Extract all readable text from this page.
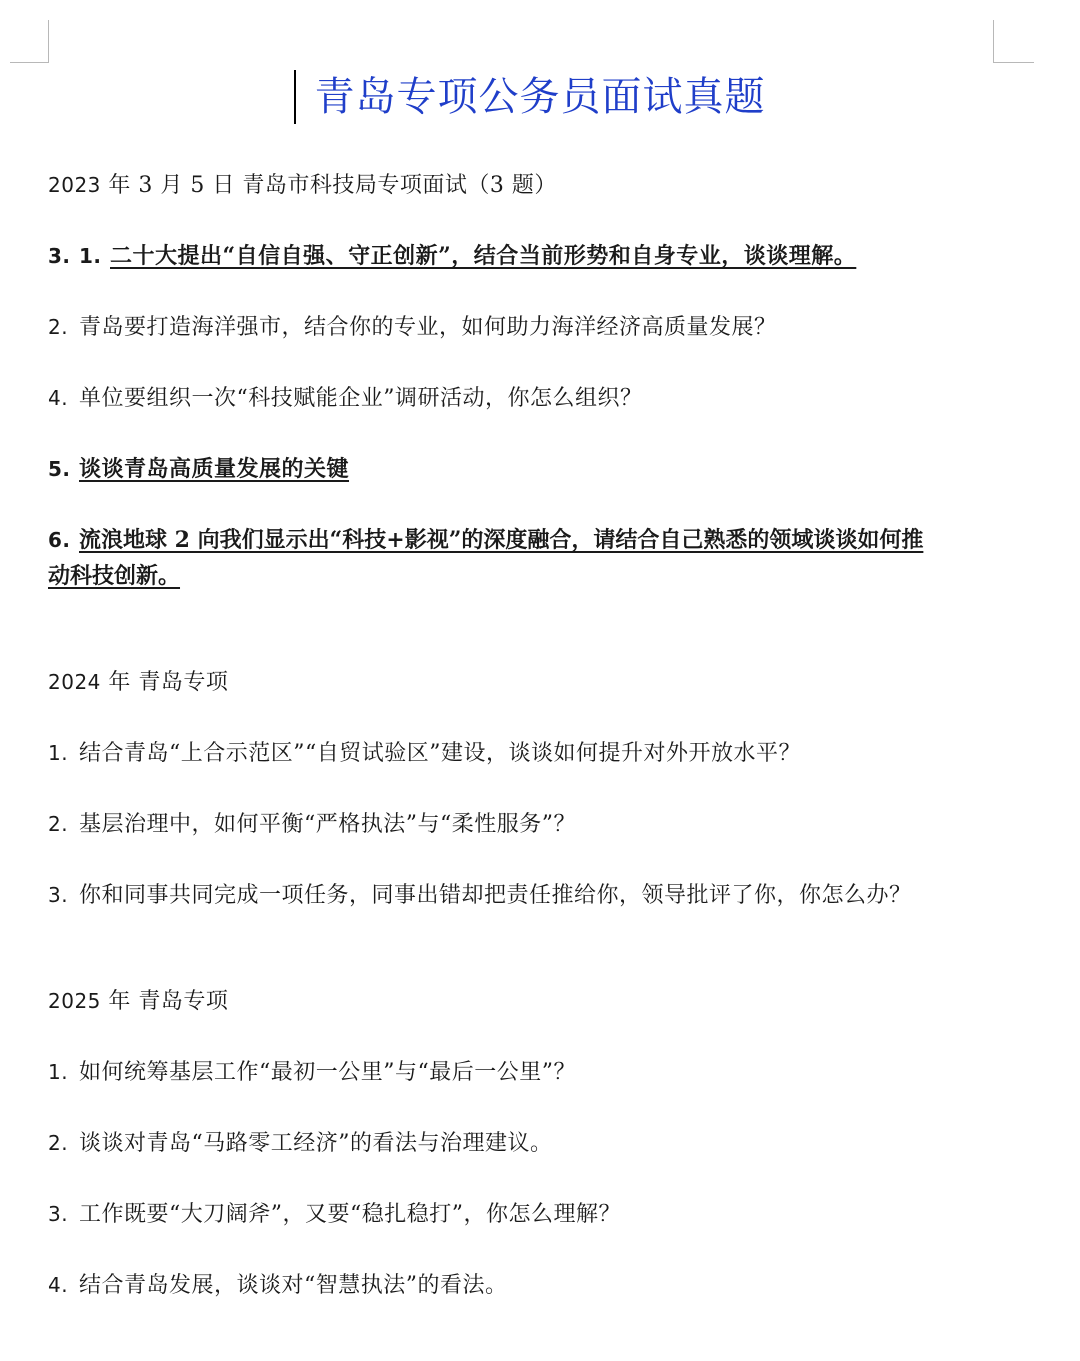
青岛专项公务员面试真题
2023 年 3 月 5 日 青岛市科技局专项面试（3 题）
3. 1. 二十大提出“自信自强、守正创新”，结合当前形势和自身专业，谈谈理解。
2. 青岛要打造海洋强市，结合你的专业，如何助力海洋经济高质量发展？
4. 单位要组织一次“科技赋能企业”调研活动，你怎么组织？
5. 谈谈青岛高质量发展的关键
6. 流浪地球 2 向我们显示出“科技+影视”的深度融合，请结合自己熟悉的领域谈谈如何推
动科技创新。
2024 年 青岛专项
1. 结合青岛“上合示范区”“自贸试验区”建设，谈谈如何提升对外开放水平？
2. 基层治理中，如何平衡“严格执法”与“柔性服务”？
3. 你和同事共同完成一项任务，同事出错却把责任推给你，领导批评了你，你怎么办？
2025 年 青岛专项
1. 如何统筹基层工作“最初一公里”与“最后一公里”？
2. 谈谈对青岛“马路零工经济”的看法与治理建议。
3. 工作既要“大刀阔斧”，又要“稳扎稳打”，你怎么理解？
4. 结合青岛发展，谈谈对“智慧执法”的看法。
